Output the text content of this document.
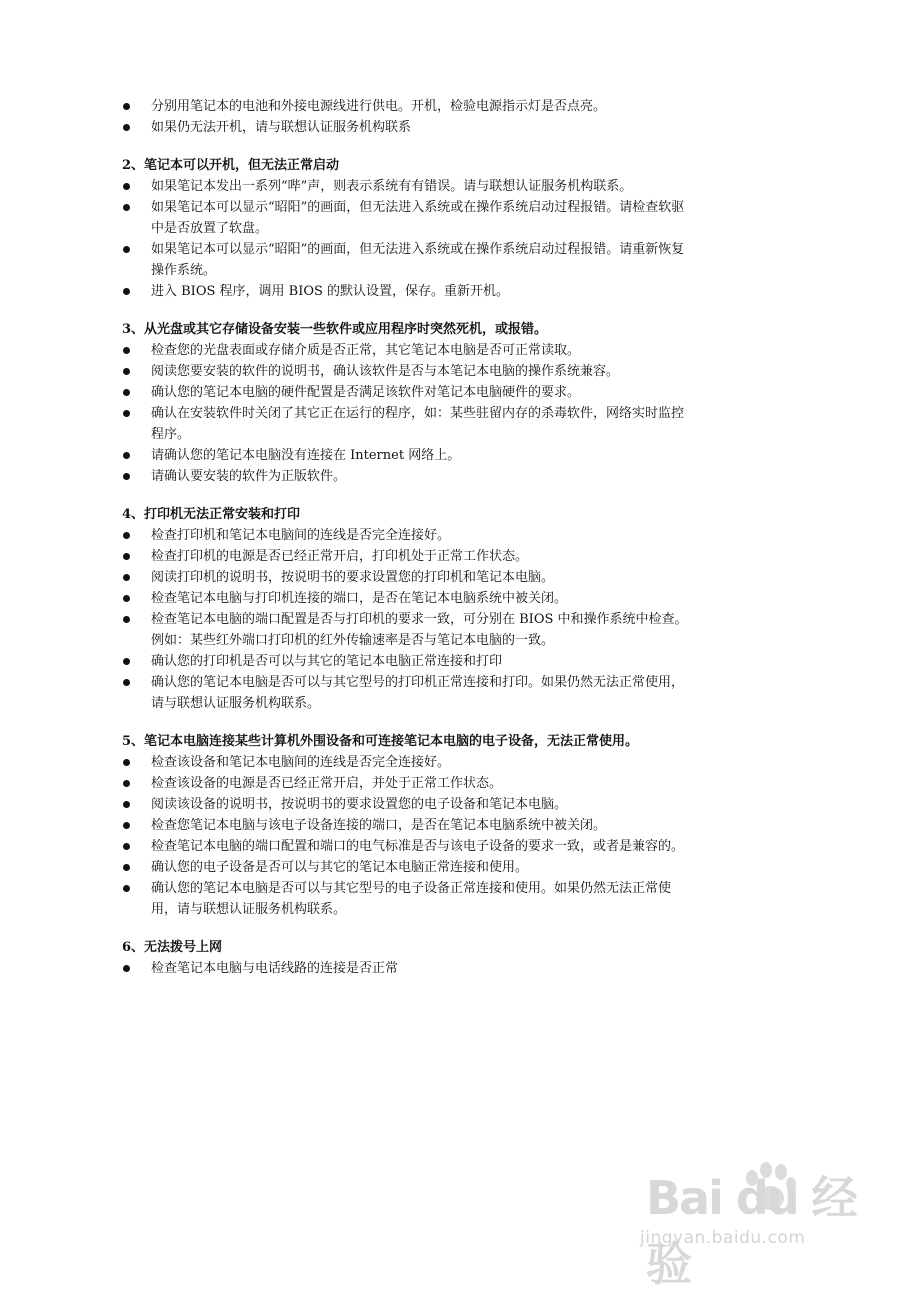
分别用笔记本的电池和外接电源线进行供电。开机，检验电源指示灯是否点亮。
如果仍无法开机，请与联想认证服务机构联系
2、笔记本可以开机，但无法正常启动
如果笔记本发出一系列“哔”声，则表示系统有有错误。请与联想认证服务机构联系。
如果笔记本可以显示“昭阳”的画面，但无法进入系统或在操作系统启动过程报错。请检查软驱中是否放置了软盘。
如果笔记本可以显示“昭阳”的画面，但无法进入系统或在操作系统启动过程报错。请重新恢复操作系统。
进入 BIOS 程序，调用 BIOS 的默认设置，保存。重新开机。
3、从光盘或其它存储设备安装一些软件或应用程序时突然死机，或报错。
检查您的光盘表面或存储介质是否正常，其它笔记本电脑是否可正常读取。
阅读您要安装的软件的说明书，确认该软件是否与本笔记本电脑的操作系统兼容。
确认您的笔记本电脑的硬件配置是否满足该软件对笔记本电脑硬件的要求。
确认在安装软件时关闭了其它正在运行的程序，如：某些驻留内存的杀毒软件，网络实时监控程序。
请确认您的笔记本电脑没有连接在 Internet 网络上。
请确认要安装的软件为正版软件。
4、打印机无法正常安装和打印
检查打印机和笔记本电脑间的连线是否完全连接好。
检查打印机的电源是否已经正常开启，打印机处于正常工作状态。
阅读打印机的说明书，按说明书的要求设置您的打印机和笔记本电脑。
检查笔记本电脑与打印机连接的端口，是否在笔记本电脑系统中被关闭。
检查笔记本电脑的端口配置是否与打印机的要求一致，可分别在 BIOS 中和操作系统中检查。例如：某些红外端口打印机的红外传输速率是否与笔记本电脑的一致。
确认您的打印机是否可以与其它的笔记本电脑正常连接和打印
确认您的笔记本电脑是否可以与其它型号的打印机正常连接和打印。如果仍然无法正常使用，请与联想认证服务机构联系。
5、笔记本电脑连接某些计算机外围设备和可连接笔记本电脑的电子设备，无法正常使用。
检查该设备和笔记本电脑间的连线是否完全连接好。
检查该设备的电源是否已经正常开启，并处于正常工作状态。
阅读该设备的说明书，按说明书的要求设置您的电子设备和笔记本电脑。
检查您笔记本电脑与该电子设备连接的端口，是否在笔记本电脑系统中被关闭。
检查笔记本电脑的端口配置和端口的电气标准是否与该电子设备的要求一致，或者是兼容的。
确认您的电子设备是否可以与其它的笔记本电脑正常连接和使用。
确认您的笔记本电脑是否可以与其它型号的电子设备正常连接和使用。如果仍然无法正常使用，请与联想认证服务机构联系。
6、无法拨号上网
检查笔记本电脑与电话线路的连接是否正常
Bai du 经验
jingyan.baidu.com
